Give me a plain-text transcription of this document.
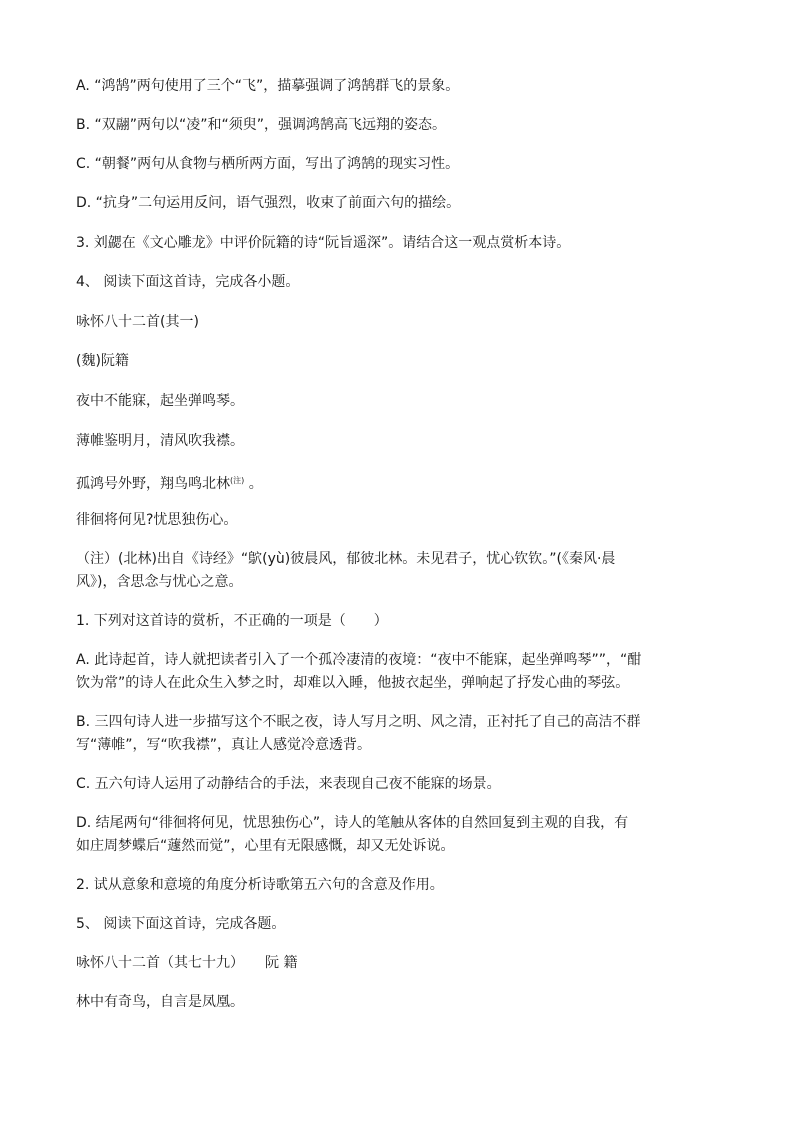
A. “鸿鹄”两句使用了三个“飞”，描摹强调了鸿鹄群飞的景象。
B. “双翮”两句以“凌”和“须臾”，强调鸿鹄高飞远翔的姿态。
C. “朝餐”两句从食物与栖所两方面，写出了鸿鹄的现实习性。
D. “抗身”二句运用反问，语气强烈，收束了前面六句的描绘。
3. 刘勰在《文心雕龙》中评价阮籍的诗“阮旨遥深”。请结合这一观点赏析本诗。
4、 阅读下面这首诗，完成各小题。
咏怀八十二首(其一)
(魏)阮籍
夜中不能寐，起坐弹鸣琴。
薄帷鉴明月，清风吹我襟。
孤鸿号外野，翔鸟鸣北林$^{(注)}$ 。
徘徊将何见?忧思独伤心。
（注）(北林)出自《诗经》“鴥(yù)彼晨风，郁彼北林。未见君子，忧心钦钦。”(《秦风·晨
风》)，含思念与忧心之意。
1. 下列对这首诗的赏析，不正确的一项是（　　）
A. 此诗起首，诗人就把读者引入了一个孤冷凄清的夜境：“夜中不能寐，起坐弹鸣琴””，“酣
饮为常”的诗人在此众生入梦之时，却难以入睡，他披衣起坐，弹响起了抒发心曲的琴弦。
B. 三四句诗人进一步描写这个不眠之夜，诗人写月之明、风之清，正衬托了自己的高洁不群
写“薄帷”，写“吹我襟”，真让人感觉冷意透背。
C. 五六句诗人运用了动静结合的手法，来表现自己夜不能寐的场景。
D. 结尾两句“徘徊将何见，忧思独伤心”，诗人的笔触从客体的自然回复到主观的自我，有
如庄周梦蝶后“蘧然而觉”，心里有无限感慨，却又无处诉说。
2. 试从意象和意境的角度分析诗歌第五六句的含意及作用。
5、 阅读下面这首诗，完成各题。
咏怀八十二首（其七十九）　　阮 籍
林中有奇鸟，自言是凤凰。
